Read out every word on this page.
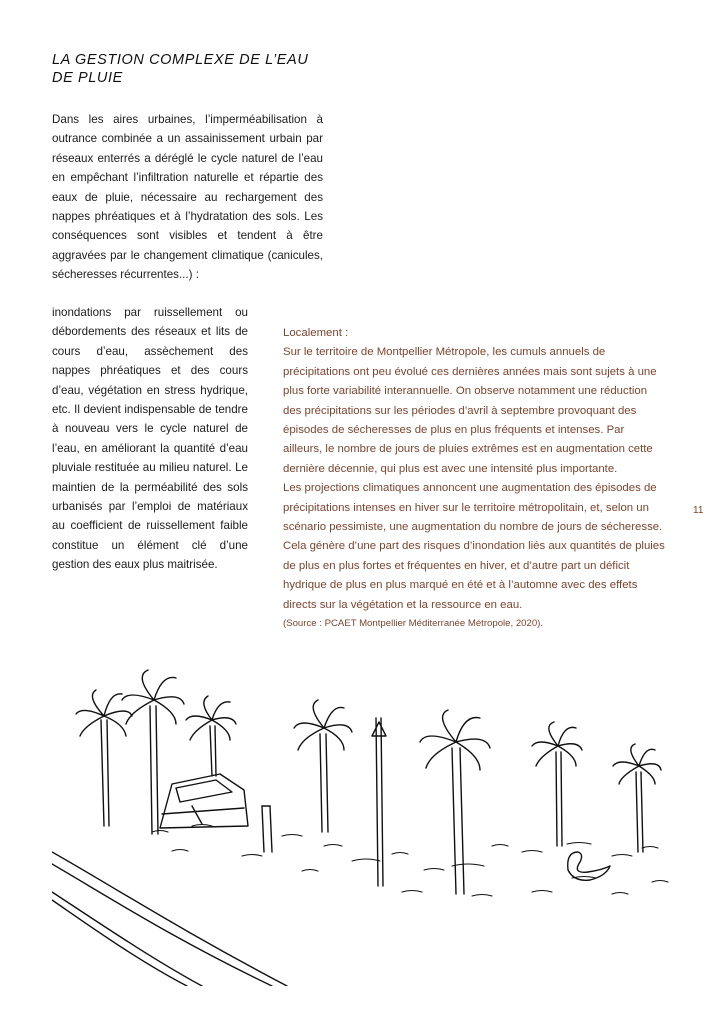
LA GESTION COMPLEXE DE L’EAU DE PLUIE

Dans les aires urbaines, l’imperméabilisation à outrance combinée a un assainissement urbain par réseaux enterrés a déréglé le cycle naturel de l’eau en empêchant l’infiltration naturelle et répartie des eaux de pluie, nécessaire au rechargement des nappes phréatiques et à l’hydratation des sols. Les conséquences sont visibles et tendent à être aggravées par le changement climatique (canicules, sécheresses récurrentes...) :

inondations par ruissellement ou débordements des réseaux et lits de cours d’eau, assèchement des nappes phréatiques et des cours d’eau, végétation en stress hydrique, etc. Il devient indispensable de tendre à nouveau vers le cycle naturel de l’eau, en améliorant la quantité d’eau pluviale restituée au milieu naturel. Le maintien de la perméabilité des sols urbanisés par l’emploi de matériaux au coefficient de ruissellement faible constitue un élément clé d’une gestion des eaux plus maitrisée.

Localement :

Sur le territoire de Montpellier Métropole, les cumuls annuels de précipitations ont peu évolué ces dernières années mais sont sujets à une plus forte variabilité interannuelle. On observe notamment une réduction des précipitations sur les périodes d’avril à septembre provoquant des épisodes de sécheresses de plus en plus fréquents et intenses. Par ailleurs, le nombre de jours de pluies extrêmes est en augmentation cette dernière décennie, qui plus est avec une intensité plus importante.

Les projections climatiques annoncent une augmentation des épisodes de précipitations intenses en hiver sur le territoire métropolitain, et, selon un scénario pessimiste, une augmentation du nombre de jours de sécheresse. Cela génère d’une part des risques d’inondation liés aux quantités de pluies de plus en plus fortes et fréquentes en hiver, et d’autre part un déficit hydrique de plus en plus marqué en été et à l’automne avec des effets directs sur la végétation et la ressource en eau.

(Source : PCAET Montpellier Méditerranée Métropole, 2020).

11
